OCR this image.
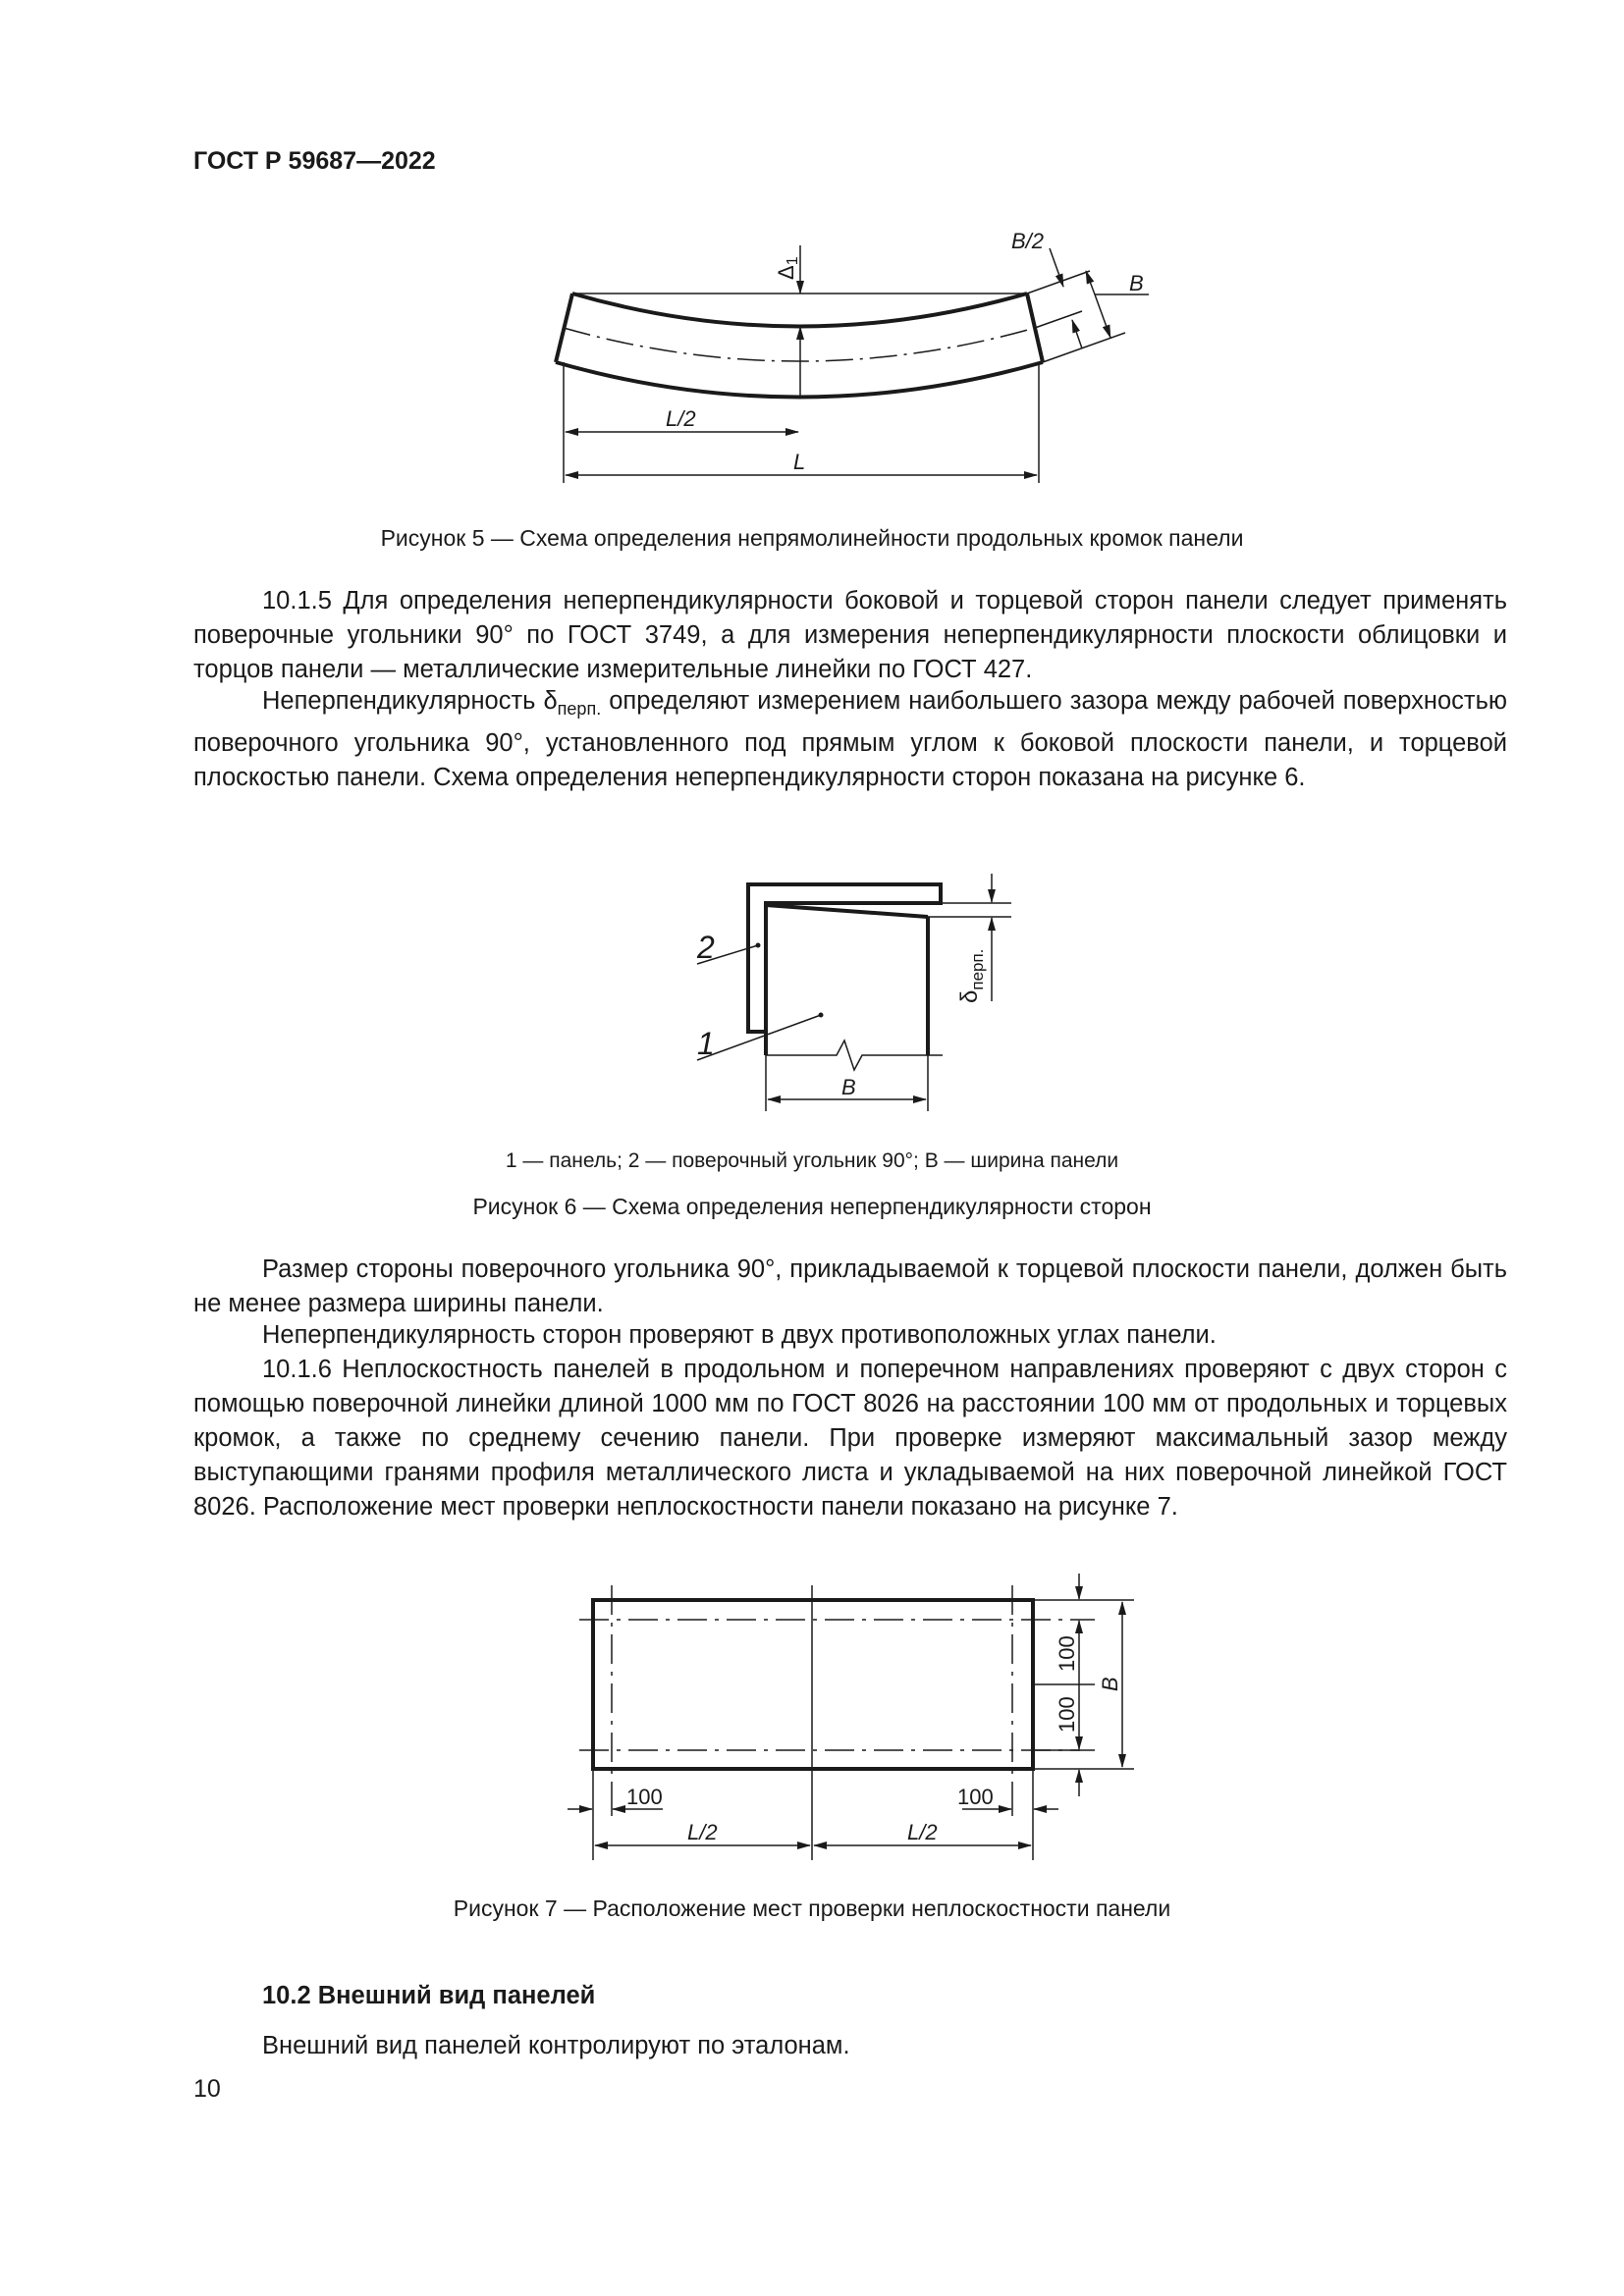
ГОСТ Р 59687—2022
Δ1
B/2
B
L/2
L
Рисунок 5 — Схема определения непрямолинейности продольных кромок панели

10.1.5 Для определения неперпендикулярности боковой и торцевой сторон панели следует применять поверочные угольники 90° по ГОСТ 3749, а для измерения неперпендикулярности плоскости облицовки и торцов панели — металлические измерительные линейки по ГОСТ 427.

Неперпендикулярность $\delta_{перп.}$ определяют измерением наибольшего зазора между рабочей поверхностью поверочного угольника 90°, установленного под прямым углом к боковой плоскости панели, и торцевой плоскостью панели. Схема определения неперпендикулярности сторон показана на рисунке 6.

$\delta_{перп.}$
2
1
B
1 — панель; 2 — поверочный угольник 90°; B — ширина панели
Рисунок 6 — Схема определения неперпендикулярности сторон

Размер стороны поверочного угольника 90°, прикладываемой к торцевой плоскости панели, должен быть не менее размера ширины панели.

Неперпендикулярность сторон проверяют в двух противоположных углах панели.

10.1.6 Неплоскостность панелей в продольном и поперечном направлениях проверяют с двух сторон с помощью поверочной линейки длиной 1000 мм по ГОСТ 8026 на расстоянии 100 мм от продольных и торцевых кромок, а также по среднему сечению панели. При проверке измеряют максимальный зазор между выступающими гранями профиля металлического листа и укладываемой на них поверочной линейкой ГОСТ 8026. Расположение мест проверки неплоскостности панели показано на рисунке 7.

100
100
B
100	100
L/2	L/2
Рисунок 7 — Расположение мест проверки неплоскостности панели
10.2 Внешний вид панелей

Внешний вид панелей контролируют по эталонам.

10
